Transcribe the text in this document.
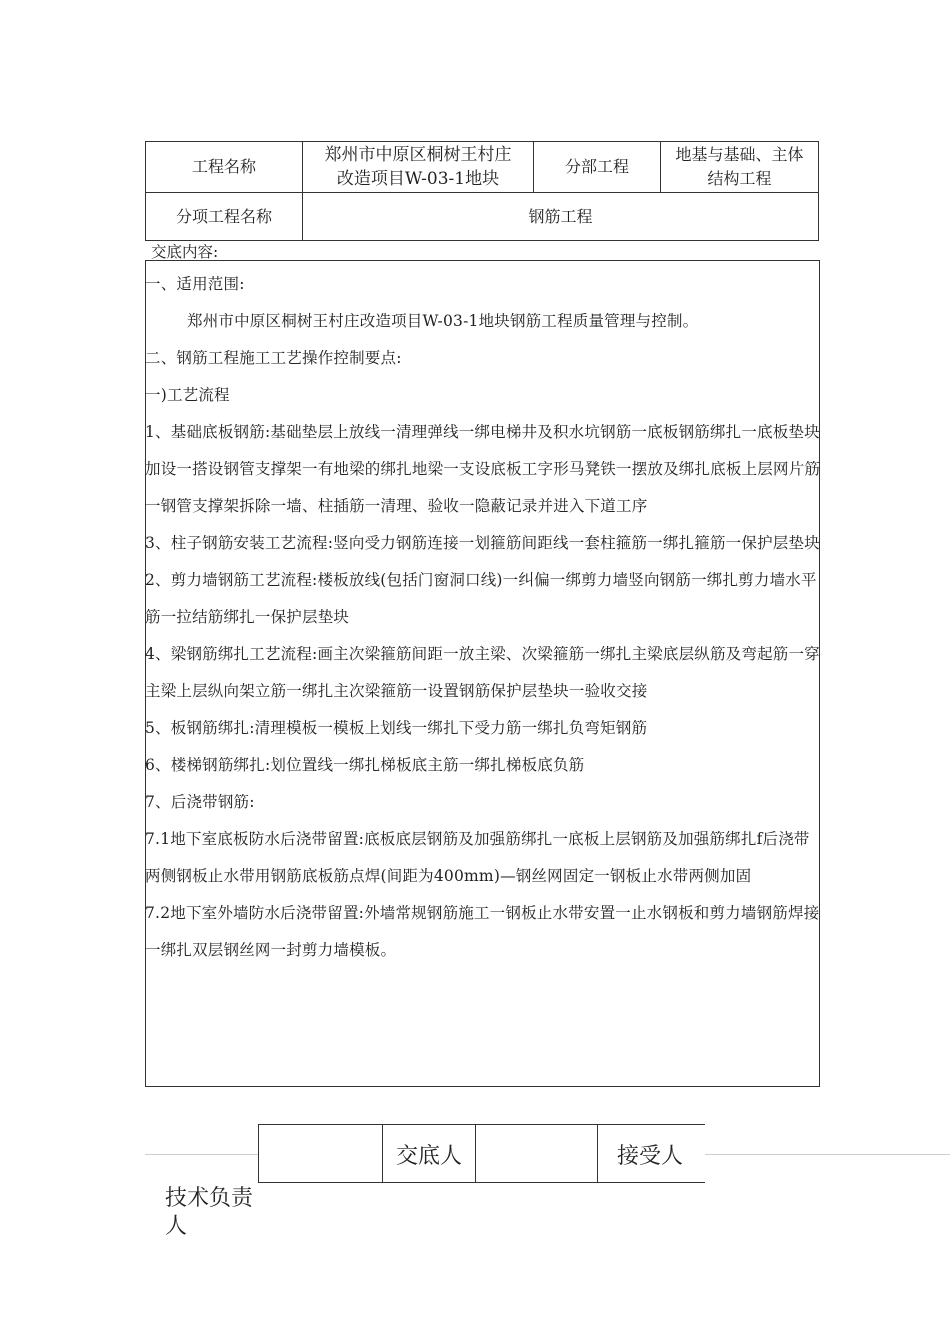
工程名称
郑州市中原区桐树王村庄
改造项目W-03-1地块
分部工程
地基与基础、主体
结构工程
分项工程名称	钢筋工程
交底内容:

一、适用范围:

郑州市中原区桐树王村庄改造项目W-03-1地块钢筋工程质量管理与控制。

二、钢筋工程施工工艺操作控制要点:

一)工艺流程

1、基础底板钢筋:基础垫层上放线一清理弹线一绑电梯井及积水坑钢筋一底板钢筋绑扎一底板垫块加设一搭设钢管支撑架一有地梁的绑扎地梁一支设底板工字形马凳铁一摆放及绑扎底板上层网片筋一钢管支撑架拆除一墙、柱插筋一清理、验收一隐蔽记录并进入下道工序

3、柱子钢筋安装工艺流程:竖向受力钢筋连接一划箍筋间距线一套柱箍筋一绑扎箍筋一保护层垫块

2、剪力墙钢筋工艺流程:楼板放线(包括门窗洞口线)一纠偏一绑剪力墙竖向钢筋一绑扎剪力墙水平筋一拉结筋绑扎一保护层垫块

4、梁钢筋绑扎工艺流程:画主次梁箍筋间距一放主梁、次梁箍筋一绑扎主梁底层纵筋及弯起筋一穿主梁上层纵向架立筋一绑扎主次梁箍筋一设置钢筋保护层垫块一验收交接

5、板钢筋绑扎:清理模板一模板上划线一绑扎下受力筋一绑扎负弯矩钢筋

6、楼梯钢筋绑扎:划位置线一绑扎梯板底主筋一绑扎梯板底负筋

7、后浇带钢筋:

7.1地下室底板防水后浇带留置:底板底层钢筋及加强筋绑扎一底板上层钢筋及加强筋绑扎f后浇带两侧钢板止水带用钢筋底板筋点焊(间距为400mm)—钢丝网固定一钢板止水带两侧加固

7.2地下室外墙防水后浇带留置:外墙常规钢筋施工一钢板止水带安置一止水钢板和剪力墙钢筋焊接一绑扎双层钢丝网一封剪力墙模板。

交底人	接受人
技术负责人
